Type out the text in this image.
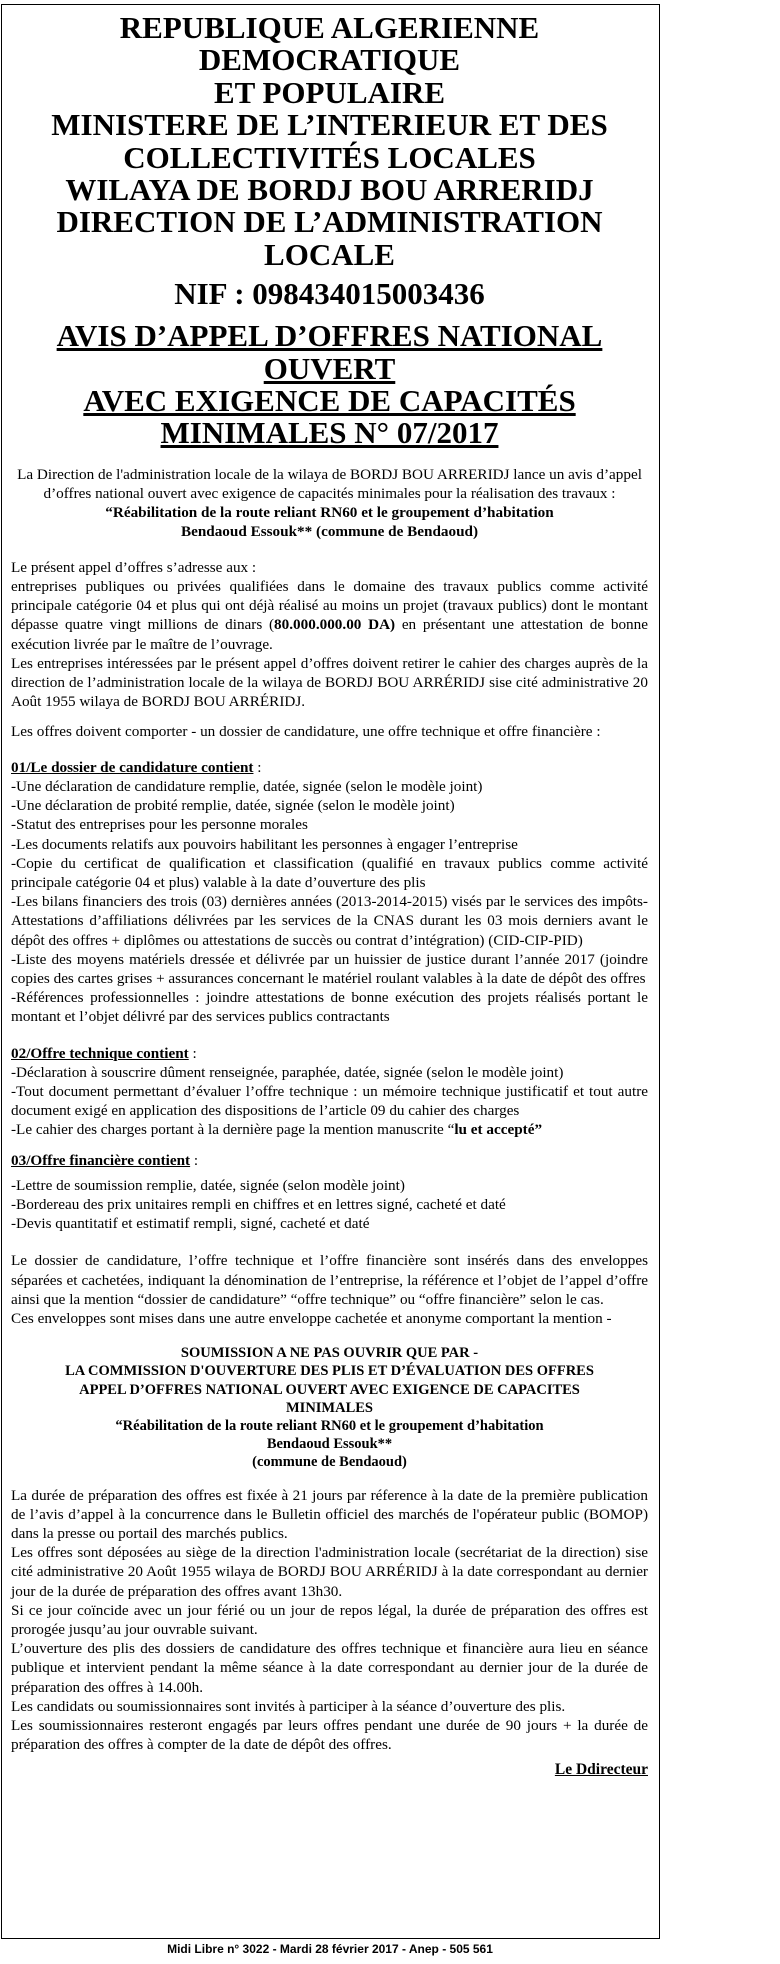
REPUBLIQUE ALGERIENNE
DEMOCRATIQUE
ET POPULAIRE
MINISTERE DE L’INTERIEUR ET DES
COLLECTIVITÉS LOCALES
WILAYA DE BORDJ BOU ARRERIDJ
DIRECTION DE L’ADMINISTRATION
LOCALE
NIF : 098434015003436
AVIS D’APPEL D’OFFRES NATIONAL
OUVERT
AVEC EXIGENCE DE CAPACITÉS
MINIMALES N° 07/2017
La Direction de l'administration locale de la wilaya de BORDJ BOU ARRERIDJ lance un avis d’appel d’offres national ouvert avec exigence de capacités minimales pour la réalisation des travaux :
“Réabilitation de la route reliant RN60 et le groupement d’habitation
Bendaoud Essouk** (commune de Bendaoud)
Le présent appel d’offres s’adresse aux :
entreprises publiques ou privées qualifiées dans le domaine des travaux publics comme activité principale catégorie 04 et plus qui ont déjà réalisé au moins un projet (travaux publics) dont le montant dépasse quatre vingt millions de dinars (80.000.000.00 DA) en présentant une attestation de bonne exécution livrée par le maître de l’ouvrage.
Les entreprises intéressées par le présent appel d’offres doivent retirer le cahier des charges auprès de la direction de l’administration locale de la wilaya de BORDJ BOU ARRÉRIDJ sise cité administrative 20 Août 1955 wilaya de BORDJ BOU ARRÉRIDJ.
Les offres doivent comporter - un dossier de candidature, une offre technique et offre financière :
01/Le dossier de candidature contient :
-Une déclaration de candidature remplie, datée, signée (selon le modèle joint)
-Une déclaration de probité remplie, datée, signée (selon le modèle joint)
-Statut des entreprises pour les personne morales
-Les documents relatifs aux pouvoirs habilitant les personnes à engager l’entreprise
-Copie du certificat de qualification et classification (qualifié en travaux publics comme activité principale catégorie 04 et plus) valable à la date d’ouverture des plis
-Les bilans financiers des trois (03) dernières années (2013-2014-2015) visés par le services des impôts-Attestations d’affiliations délivrées par les services de la CNAS durant les 03 mois derniers avant le dépôt des offres + diplômes ou attestations de succès ou contrat d’intégration) (CID-CIP-PID)
-Liste des moyens matériels dressée et délivrée par un huissier de justice durant l’année 2017 (joindre copies des cartes grises + assurances concernant le matériel roulant valables à la date de dépôt des offres
-Références professionnelles : joindre attestations de bonne exécution des projets réalisés portant le montant et l’objet délivré par des services publics contractants
02/Offre technique contient :
-Déclaration à souscrire dûment renseignée, paraphée, datée, signée (selon le modèle joint)
-Tout document permettant d’évaluer l’offre technique : un mémoire technique justificatif et tout autre document exigé en application des dispositions de l’article 09 du cahier des charges
-Le cahier des charges portant à la dernière page la mention manuscrite “lu et accepté”
03/Offre financière contient :
-Lettre de soumission remplie, datée, signée (selon modèle joint)
-Bordereau des prix unitaires rempli en chiffres et en lettres signé, cacheté et daté
-Devis quantitatif et estimatif rempli, signé, cacheté et daté
Le dossier de candidature, l’offre technique et l’offre financière sont insérés dans des enveloppes séparées et cachetées, indiquant la dénomination de l’entreprise, la référence et l’objet de l’appel d’offre ainsi que la mention “dossier de candidature” “offre technique” ou “offre financière” selon le cas.
Ces enveloppes sont mises dans une autre enveloppe cachetée et anonyme comportant la mention -
SOUMISSION A NE PAS OUVRIR QUE PAR -
LA COMMISSION D'OUVERTURE DES PLIS ET D’ÉVALUATION DES OFFRES
APPEL D’OFFRES NATIONAL OUVERT AVEC EXIGENCE DE CAPACITES
MINIMALES
“Réabilitation de la route reliant RN60 et le groupement d’habitation
Bendaoud Essouk**
(commune de Bendaoud)
La durée de préparation des offres est fixée à 21 jours par réference à la date de la première publication de l’avis d’appel à la concurrence dans le Bulletin officiel des marchés de l'opérateur public (BOMOP) dans la presse ou portail des marchés publics.
Les offres sont déposées au siège de la direction l'administration locale (secrétariat de la direction) sise cité administrative 20 Août 1955 wilaya de BORDJ BOU ARRÉRIDJ à la date correspondant au dernier jour de la durée de préparation des offres avant 13h30.
Si ce jour coïncide avec un jour férié ou un jour de repos légal, la durée de préparation des offres est prorogée jusqu’au jour ouvrable suivant.
L’ouverture des plis des dossiers de candidature des offres technique et financière aura lieu en séance publique et intervient pendant la même séance à la date correspondant au dernier jour de la durée de préparation des offres à 14.00h.
Les candidats ou soumissionnaires sont invités à participer à la séance d’ouverture des plis.
Les soumissionnaires resteront engagés par leurs offres pendant une durée de 90 jours + la durée de préparation des offres à compter de la date de dépôt des offres.
Le Ddirecteur
Midi Libre n° 3022 - Mardi 28 février 2017 - Anep - 505 561
